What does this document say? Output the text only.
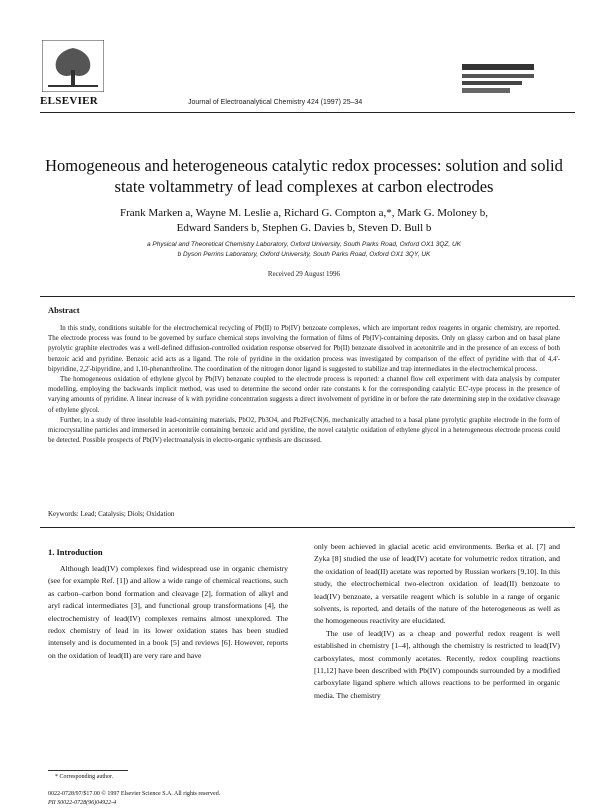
ELSEVIER	Journal of Electroanalytical Chemistry 424 (1997) 25–34
Homogeneous and heterogeneous catalytic redox processes: solution and solid state voltammetry of lead complexes at carbon electrodes
Frank Marken a, Wayne M. Leslie a, Richard G. Compton a,*, Mark G. Moloney b,
Edward Sanders b, Stephen G. Davies b, Steven D. Bull b
a Physical and Theoretical Chemistry Laboratory, Oxford University, South Parks Road, Oxford OX1 3QZ, UK
b Dyson Perrins Laboratory, Oxford University, South Parks Road, Oxford OX1 3QY, UK
Received 29 August 1996
Abstract

In this study, conditions suitable for the electrochemical recycling of Pb(II) to Pb(IV) benzoate complexes, which are important redox reagents in organic chemistry, are reported. The electrode process was found to be governed by surface chemical steps involving the formation of films of Pb(IV)-containing deposits. Only on glassy carbon and on basal plane pyrolytic graphite electrodes was a well-defined diffusion-controlled oxidation response observed for Pb(II) benzoate dissolved in acetonitrile and in the presence of an excess of both benzoic acid and pyridine. Benzoic acid acts as a ligand. The role of pyridine in the oxidation process was investigated by comparison of the effect of pyridine with that of 4,4'-bipyridine, 2,2'-bipyridine, and 1,10-phenanthroline. The coordination of the nitrogen donor ligand is suggested to stabilize and trap intermediates in the electrochemical process.

The homogeneous oxidation of ethylene glycol by Pb(IV) benzoate coupled to the electrode process is reported: a channel flow cell experiment with data analysis by computer modelling, employing the backwards implicit method, was used to determine the second order rate constants k for the corresponding catalytic EC'-type process in the presence of varying amounts of pyridine. A linear increase of k with pyridine concentration suggests a direct involvement of pyridine in or before the rate determining step in the oxidative cleavage of ethylene glycol.

Further, in a study of three insoluble lead-containing materials, PbO2, Pb3O4, and Pb2Fe(CN)6, mechanically attached to a basal plane pyrolytic graphite electrode in the form of microcrystalline particles and immersed in acetonitrile containing benzoic acid and pyridine, the novel catalytic oxidation of ethylene glycol in a heterogeneous electrode process could be detected. Possible prospects of Pb(IV) electroanalysis in electro-organic synthesis are discussed.

Keywords: Lead; Catalysis; Diols; Oxidation
1. Introduction

Although lead(IV) complexes find widespread use in organic chemistry (see for example Ref. [1]) and allow a wide range of chemical reactions, such as carbon–carbon bond formation and cleavage [2], formation of alkyl and aryl radical intermediates [3], and functional group transformations [4], the electrochemistry of lead(IV) complexes remains almost unexplored. The redox chemistry of lead in its lower oxidation states has been studied intensely and is documented in a book [5] and reviews [6]. However, reports on the oxidation of lead(II) are very rare and have

only been achieved in glacial acetic acid environments. Berka et al. [7] and Zyka [8] studied the use of lead(IV) acetate for volumetric redox titration, and the oxidation of lead(II) acetate was reported by Russian workers [9,10]. In this study, the electrochemical two-electron oxidation of lead(II) benzoate to lead(IV) benzoate, a versatile reagent which is soluble in a range of organic solvents, is reported, and details of the nature of the heterogeneous as well as the homogeneous reactivity are elucidated.

The use of lead(IV) as a cheap and powerful redox reagent is well established in chemistry [1–4], although the chemistry is restricted to lead(IV) carboxylates, most commonly acetates. Recently, redox coupling reactions [11,12] have been described with Pb(IV) compounds surrounded by a modified carboxylate ligand sphere which allows reactions to be performed in organic media. The chemistry

* Corresponding author.
0022-0728/97/$17.00 © 1997 Elsevier Science S.A. All rights reserved.
PII S0022-0728(96)04922-4
